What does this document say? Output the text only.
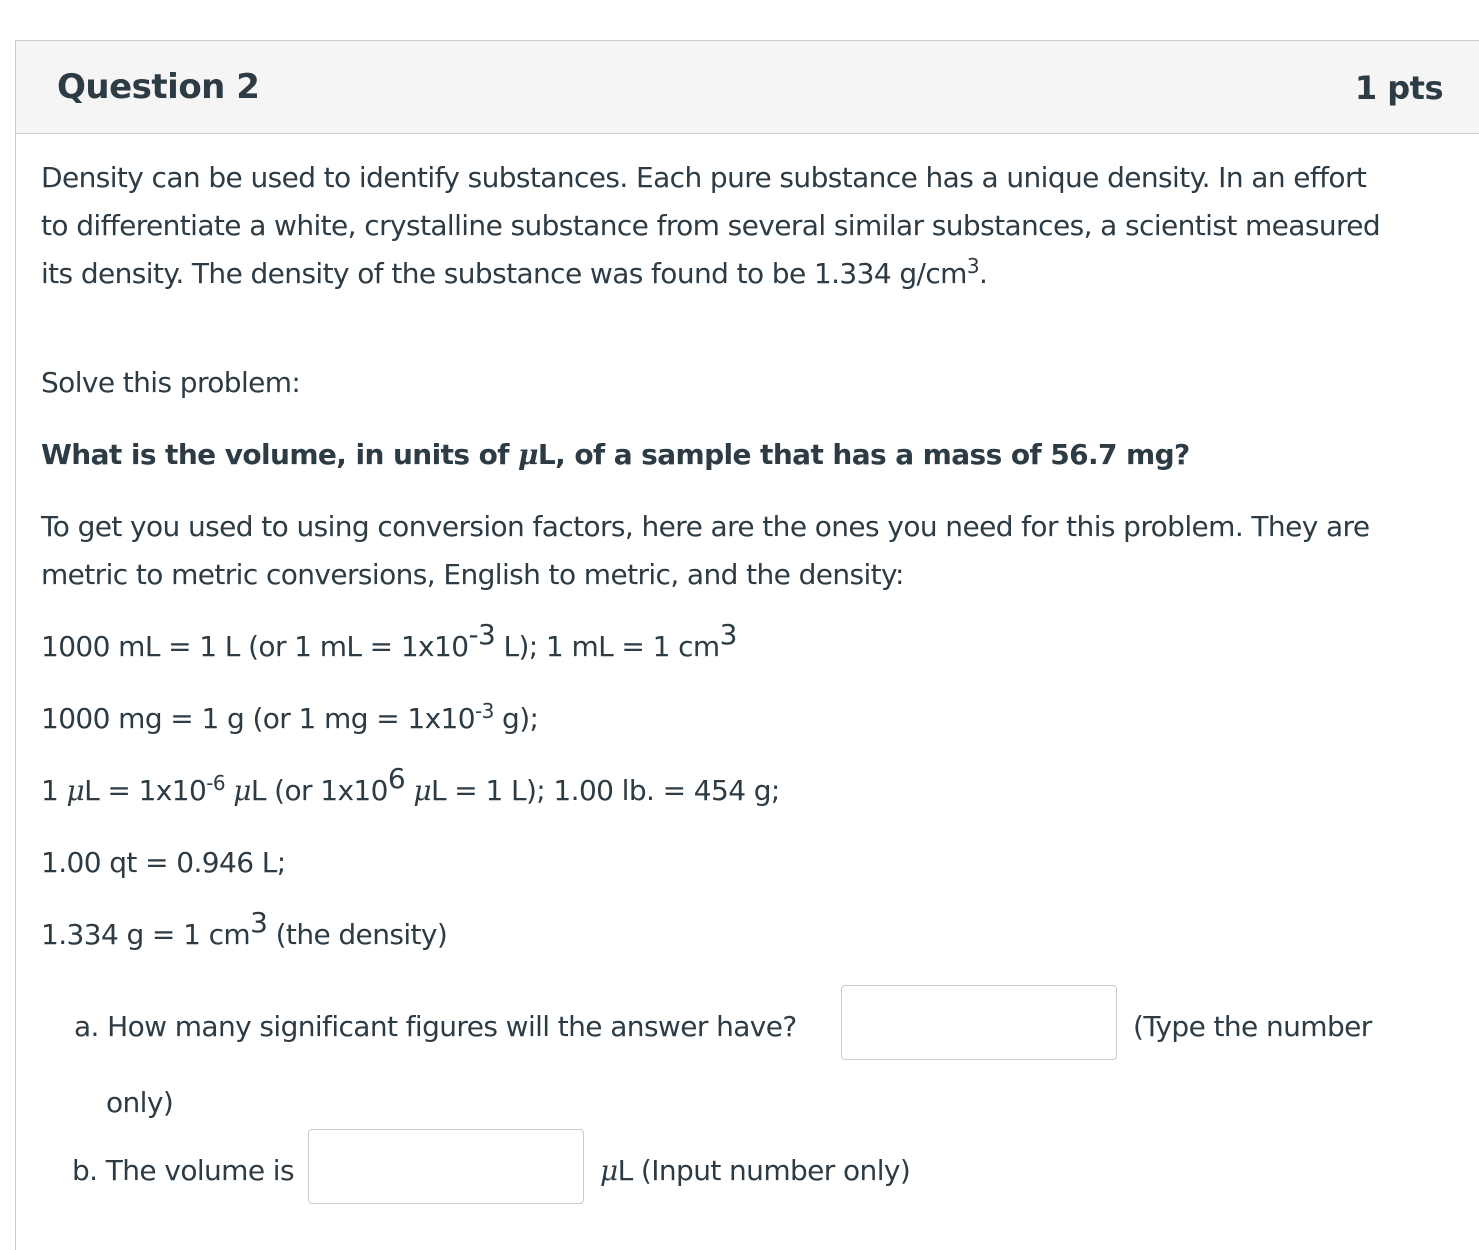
Question 2	1 pts

Density can be used to identify substances. Each pure substance has a unique density. In an effort

to differentiate a white, crystalline substance from several similar substances, a scientist measured

its density. The density of the substance was found to be 1.334 $g/cm^3$.

Solve this problem:
What is the volume, in units of μL, of a sample that has a mass of 56.7 mg?
To get you used to using conversion factors, here are the ones you need for this problem. They are
metric to metric conversions, English to metric, and the density:
1000 mL = 1 L (or 1 mL = $1x10^{-3}$ L); 1 mL = 1 $cm^3$
1000 mg = 1 g (or 1 mg = $1x10^{-3}$ g);
1 $\mu L = 1x10^{-6}$ μL (or $1x10^6$ μL = 1 L); 1.00 lb. = 454 g;
1.00 qt = 0.946 L;
1.334 g = 1 $cm^3$ (the density)
a. How many significant figures will the answer have?	(Type the number
only)
b. The volume is	μL (Input number only)
